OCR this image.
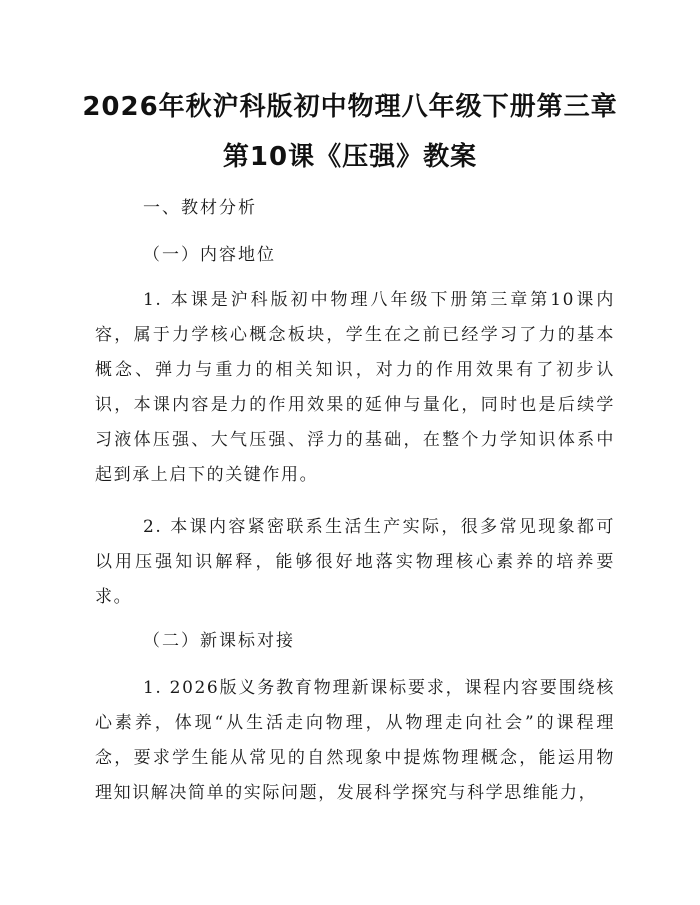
2026年秋沪科版初中物理八年级下册第三章
第10课《压强》教案
一、教材分析
（一）内容地位
1. 本课是沪科版初中物理八年级下册第三章第10课内容，属于力学核心概念板块，学生在之前已经学习了力的基本概念、弹力与重力的相关知识，对力的作用效果有了初步认识，本课内容是力的作用效果的延伸与量化，同时也是后续学习液体压强、大气压强、浮力的基础，在整个力学知识体系中起到承上启下的关键作用。
2. 本课内容紧密联系生活生产实际，很多常见现象都可以用压强知识解释，能够很好地落实物理核心素养的培养要求。
（二）新课标对接
1. 2026版义务教育物理新课标要求，课程内容要围绕核心素养，体现“从生活走向物理，从物理走向社会”的课程理念，要求学生能从常见的自然现象中提炼物理概念，能运用物理知识解决简单的实际问题，发展科学探究与科学思维能力，
